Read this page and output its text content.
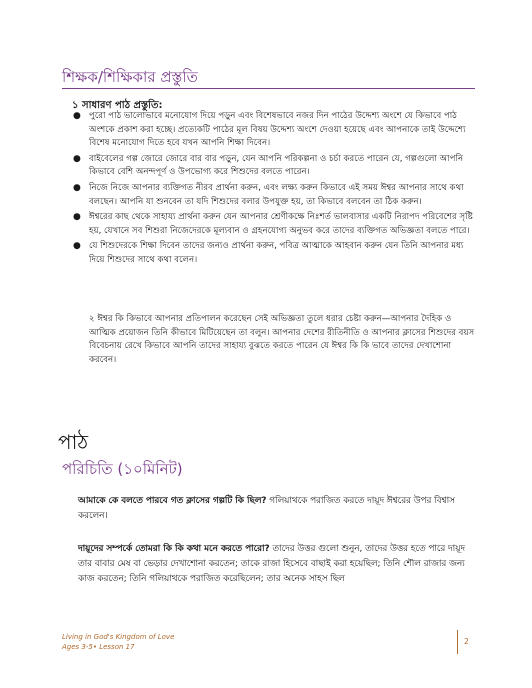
শিক্ষক/শিক্ষিকার প্রস্তুতি
১ সাধারণ পাঠ প্রস্তুতি:
● পুরো পাঠ ভালোভাবে মনোযোগ দিয়ে পড়ুন এবং বিশেষভাবে নজর দিন পাঠের উদ্দেশ্য অংশে যে কিভাবে পাঠ অংশকে প্রকাশ করা হচ্ছে। প্রত্যেকটি পাঠের মূল বিষয় উদ্দেশ্য অংশে দেওয়া হয়েছে এবং আপনাকে তাই উদ্দেশ্যে বিশেষ মনোযোগ দিতে হবে যখন আপনি শিক্ষা দিবেন।
● বাইবেলের গল্প জোরে জোরে বার বার পড়ুন, যেন আপনি পরিকল্পনা ও চর্চা করতে পারেন যে, গল্পগুলো আপনি কিভাবে বেশি অনন্দপূর্ণ ও উপভোগ্য করে শিশুদের বলতে পারেন।
● নিজে নিজে আপনার ব্যক্তিগত নীরব প্রার্থনা করুন, এবং লক্ষ্য করুন কিভাবে এই সময় ঈশ্বর আপনার সাথে কথা বলছেন। আপনি যা শুনবেন তা যদি শিশুদের বলার উপযুক্ত হয়, তা কিভাবে বলবেন তা ঠিক করুন।
● ঈশ্বরের কাছ থেকে সাহায্য প্রার্থনা করুন যেন আপনার শ্রেণীকক্ষে নিঃশর্ত ভালবাসার একটি নিরাপদ পরিবেশের সৃষ্টি হয়, যেখানে সব শিশুরা নিজেদেরকে মূল্যবান ও গ্রহনযোগ্য অনুভব করে তাদের ব্যক্তিগত অভিজ্ঞতা বলতে পারে।
● যে শিশুদেরকে শিক্ষা দিবেন তাদের জন্যও প্রার্থনা করুন, পবিত্র আত্মাকে আহবান করুন যেন তিনি আপনার মধ্য দিয়ে শিশুদের সাথে কথা বলেন।
২ ঈশ্বর কি কিভাবে আপনার প্রতিপালন করেছেন সেই অভিজ্ঞতা তুলে ধরার চেষ্টা করুন—আপনার দৈহিক ও আত্মিক প্রয়োজন তিনি কীভাবে মিটিয়েছেন তা বলুন। আপনার দেশের রীতিনীতি ও আপনার ক্লাসের শিশুদের বয়স বিবেচনায় রেখে কিভাবে আপনি তাদের সাহায্য বুঝতে করতে পারেন যে ঈশ্বর কি কি ভাবে তাদের দেখাশোনা করবেন।
পাঠ
পরিচিতি (১০মিনিট)
আমাকে কে বলতে পারবে গত ক্লাসের গল্পটি কি ছিল? গলিয়াথকে পরাজিত করতে দায়ূদ ঈশ্বরের উপর বিশ্বাস করলেন।
দায়ূদের সম্পর্কে তোমরা কি কি কথা মনে করতে পারো? তাদের উত্তর গুলো শুনুন, তাদের উত্তর হতে পারে দায়ূদ তার বাবার মেষ বা ভেড়ার দেখাশোনা করতেন; তাকে রাজা হিসেবে বাছাই করা হয়েছিল; তিনি শৌল রাজার জন্য কাজ করতেন; তিনি গলিয়াথকে পরাজিত করেছিলেন; তার অনেক সাহস ছিল
Living in God's Kingdom of Love
Ages 3-5• Lesson 17
2
